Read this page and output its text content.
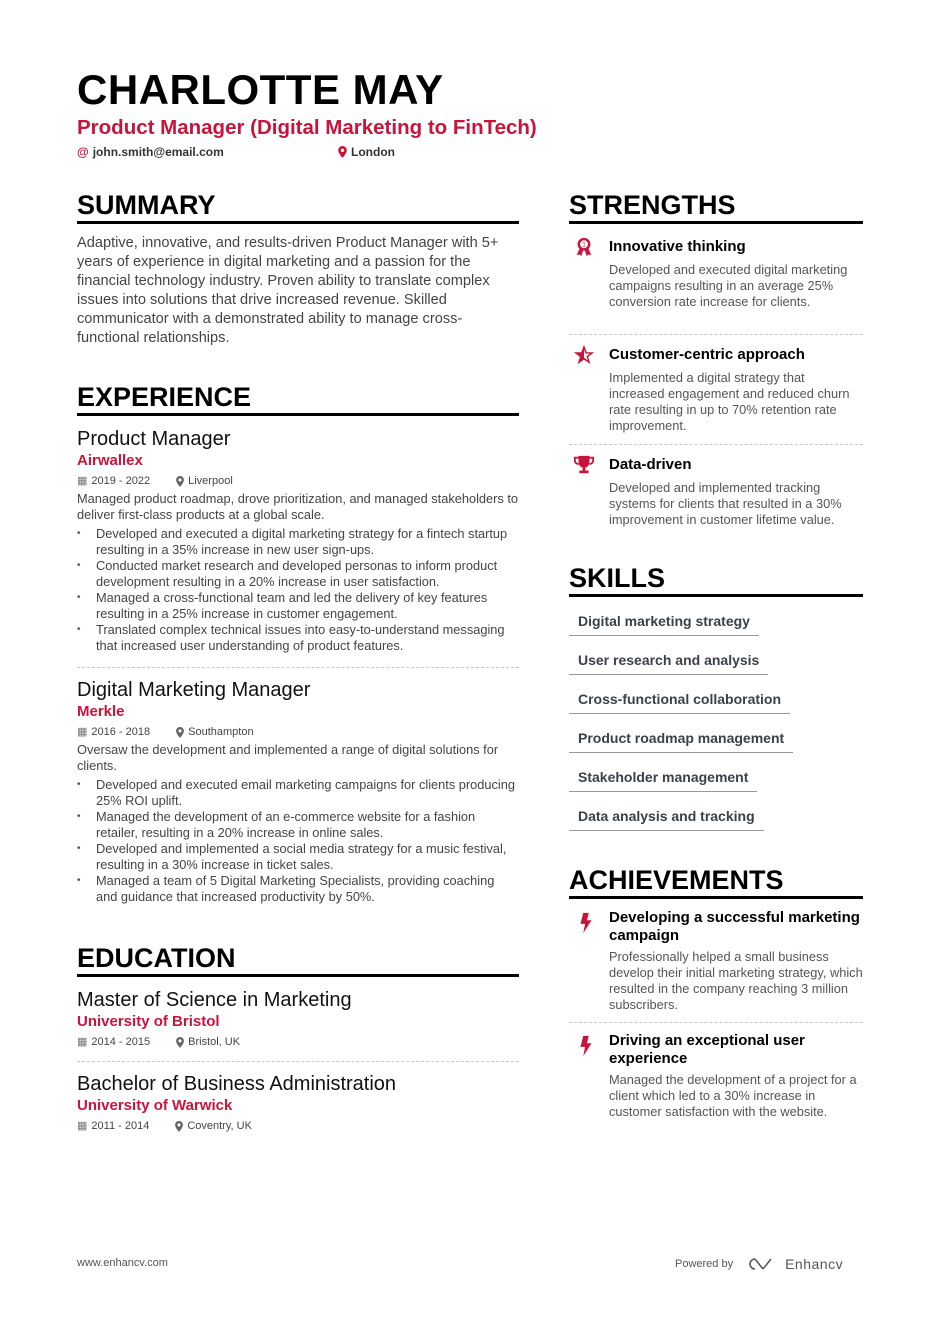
CHARLOTTE MAY
Product Manager (Digital Marketing to FinTech)
@ john.smith@email.com	London
SUMMARY
Adaptive, innovative, and results-driven Product Manager with 5+ years of experience in digital marketing and a passion for the financial technology industry. Proven ability to translate complex issues into solutions that drive increased revenue. Skilled communicator with a demonstrated ability to manage cross-functional relationships.
EXPERIENCE
Product Manager
Airwallex
▦ 2019 - 2022	Liverpool
Managed product roadmap, drove prioritization, and managed stakeholders to deliver first-class products at a global scale.
• Developed and executed a digital marketing strategy for a fintech startup resulting in a 35% increase in new user sign-ups.
• Conducted market research and developed personas to inform product development resulting in a 20% increase in user satisfaction.
• Managed a cross-functional team and led the delivery of key features resulting in a 25% increase in customer engagement.
• Translated complex technical issues into easy-to-understand messaging that increased user understanding of product features.
Digital Marketing Manager
Merkle
▦ 2016 - 2018	Southampton
Oversaw the development and implemented a range of digital solutions for clients.
• Developed and executed email marketing campaigns for clients producing 25% ROI uplift.
• Managed the development of an e-commerce website for a fashion retailer, resulting in a 20% increase in online sales.
• Developed and implemented a social media strategy for a music festival, resulting in a 30% increase in ticket sales.
• Managed a team of 5 Digital Marketing Specialists, providing coaching and guidance that increased productivity by 50%.
EDUCATION
Master of Science in Marketing
University of Bristol
▦ 2014 - 2015	Bristol, UK
Bachelor of Business Administration
University of Warwick
▦ 2011 - 2014	Coventry, UK
STRENGTHS
1 Innovative thinking
Developed and executed digital marketing campaigns resulting in an average 25% conversion rate increase for clients.
Customer-centric approach
Implemented a digital strategy that increased engagement and reduced churn rate resulting in up to 70% retention rate improvement.
Data-driven
Developed and implemented tracking systems for clients that resulted in a 30% improvement in customer lifetime value.
SKILLS
Digital marketing strategy
User research and analysis
Cross-functional collaboration
Product roadmap management
Stakeholder management
Data analysis and tracking
ACHIEVEMENTS
Developing a successful marketing campaign
Professionally helped a small business develop their initial marketing strategy, which resulted in the company reaching 3 million subscribers.
Driving an exceptional user experience
Managed the development of a project for a client which led to a 30% increase in customer satisfaction with the website.
www.enhancv.com	Powered by	Enhancv
